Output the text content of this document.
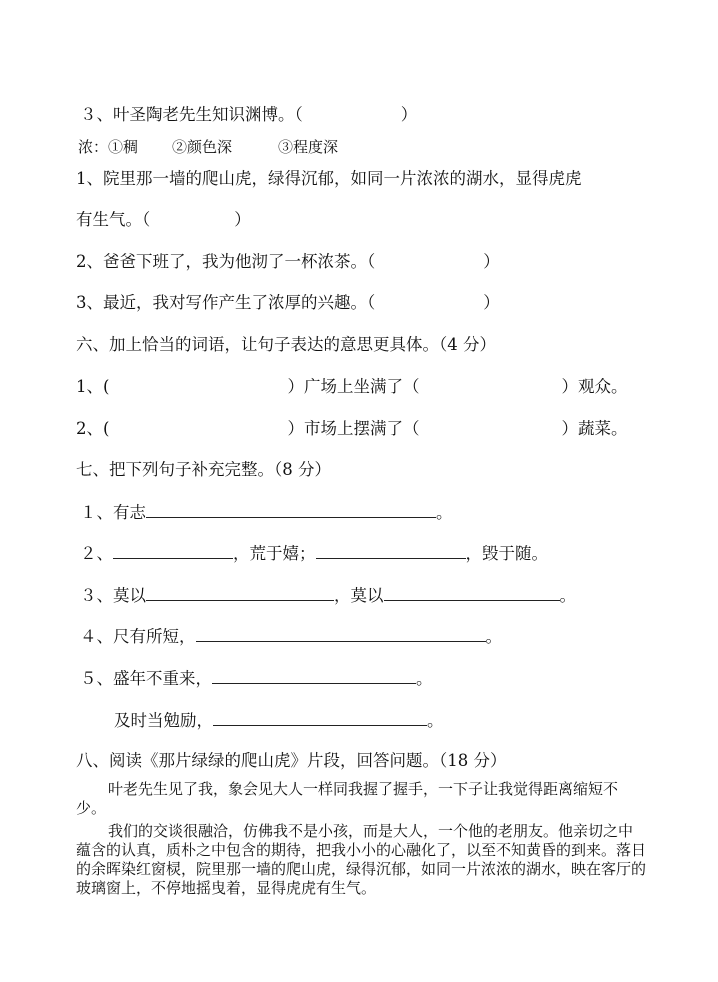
３、叶圣陶老先生知识渊博。（	）
浓：①稠 ②颜色深	③程度深
1、院里那一墙的爬山虎，绿得沉郁，如同一片浓浓的湖水，显得虎虎
有生气。（	）
2、爸爸下班了，我为他沏了一杯浓茶。（	）
3、最近，我对写作产生了浓厚的兴趣。（	）
六、加上恰当的词语，让句子表达的意思更具体。（4 分）
1、(	）广场上坐满了（	）观众。
2、(	）市场上摆满了（	）蔬菜。
七、把下列句子补充完整。（8 分）
１、有志	。
２、	，荒于嬉；	，毁于随。
３、莫以	，莫以	。
４、尺有所短，	。
５、盛年不重来，	。
及时当勉励，	。
八、阅读《那片绿绿的爬山虎》片段，回答问题。（18 分）
叶老先生见了我，象会见大人一样同我握了握手，一下子让我觉得距离缩短不少。
我们的交谈很融洽，仿佛我不是小孩，而是大人，一个他的老朋友。他亲切之中蕴含的认真，质朴之中包含的期待，把我小小的心融化了，以至不知黄昏的到来。落日的余晖染红窗棂，院里那一墙的爬山虎，绿得沉郁，如同一片浓浓的湖水，映在客厅的玻璃窗上，不停地摇曳着，显得虎虎有生气。
